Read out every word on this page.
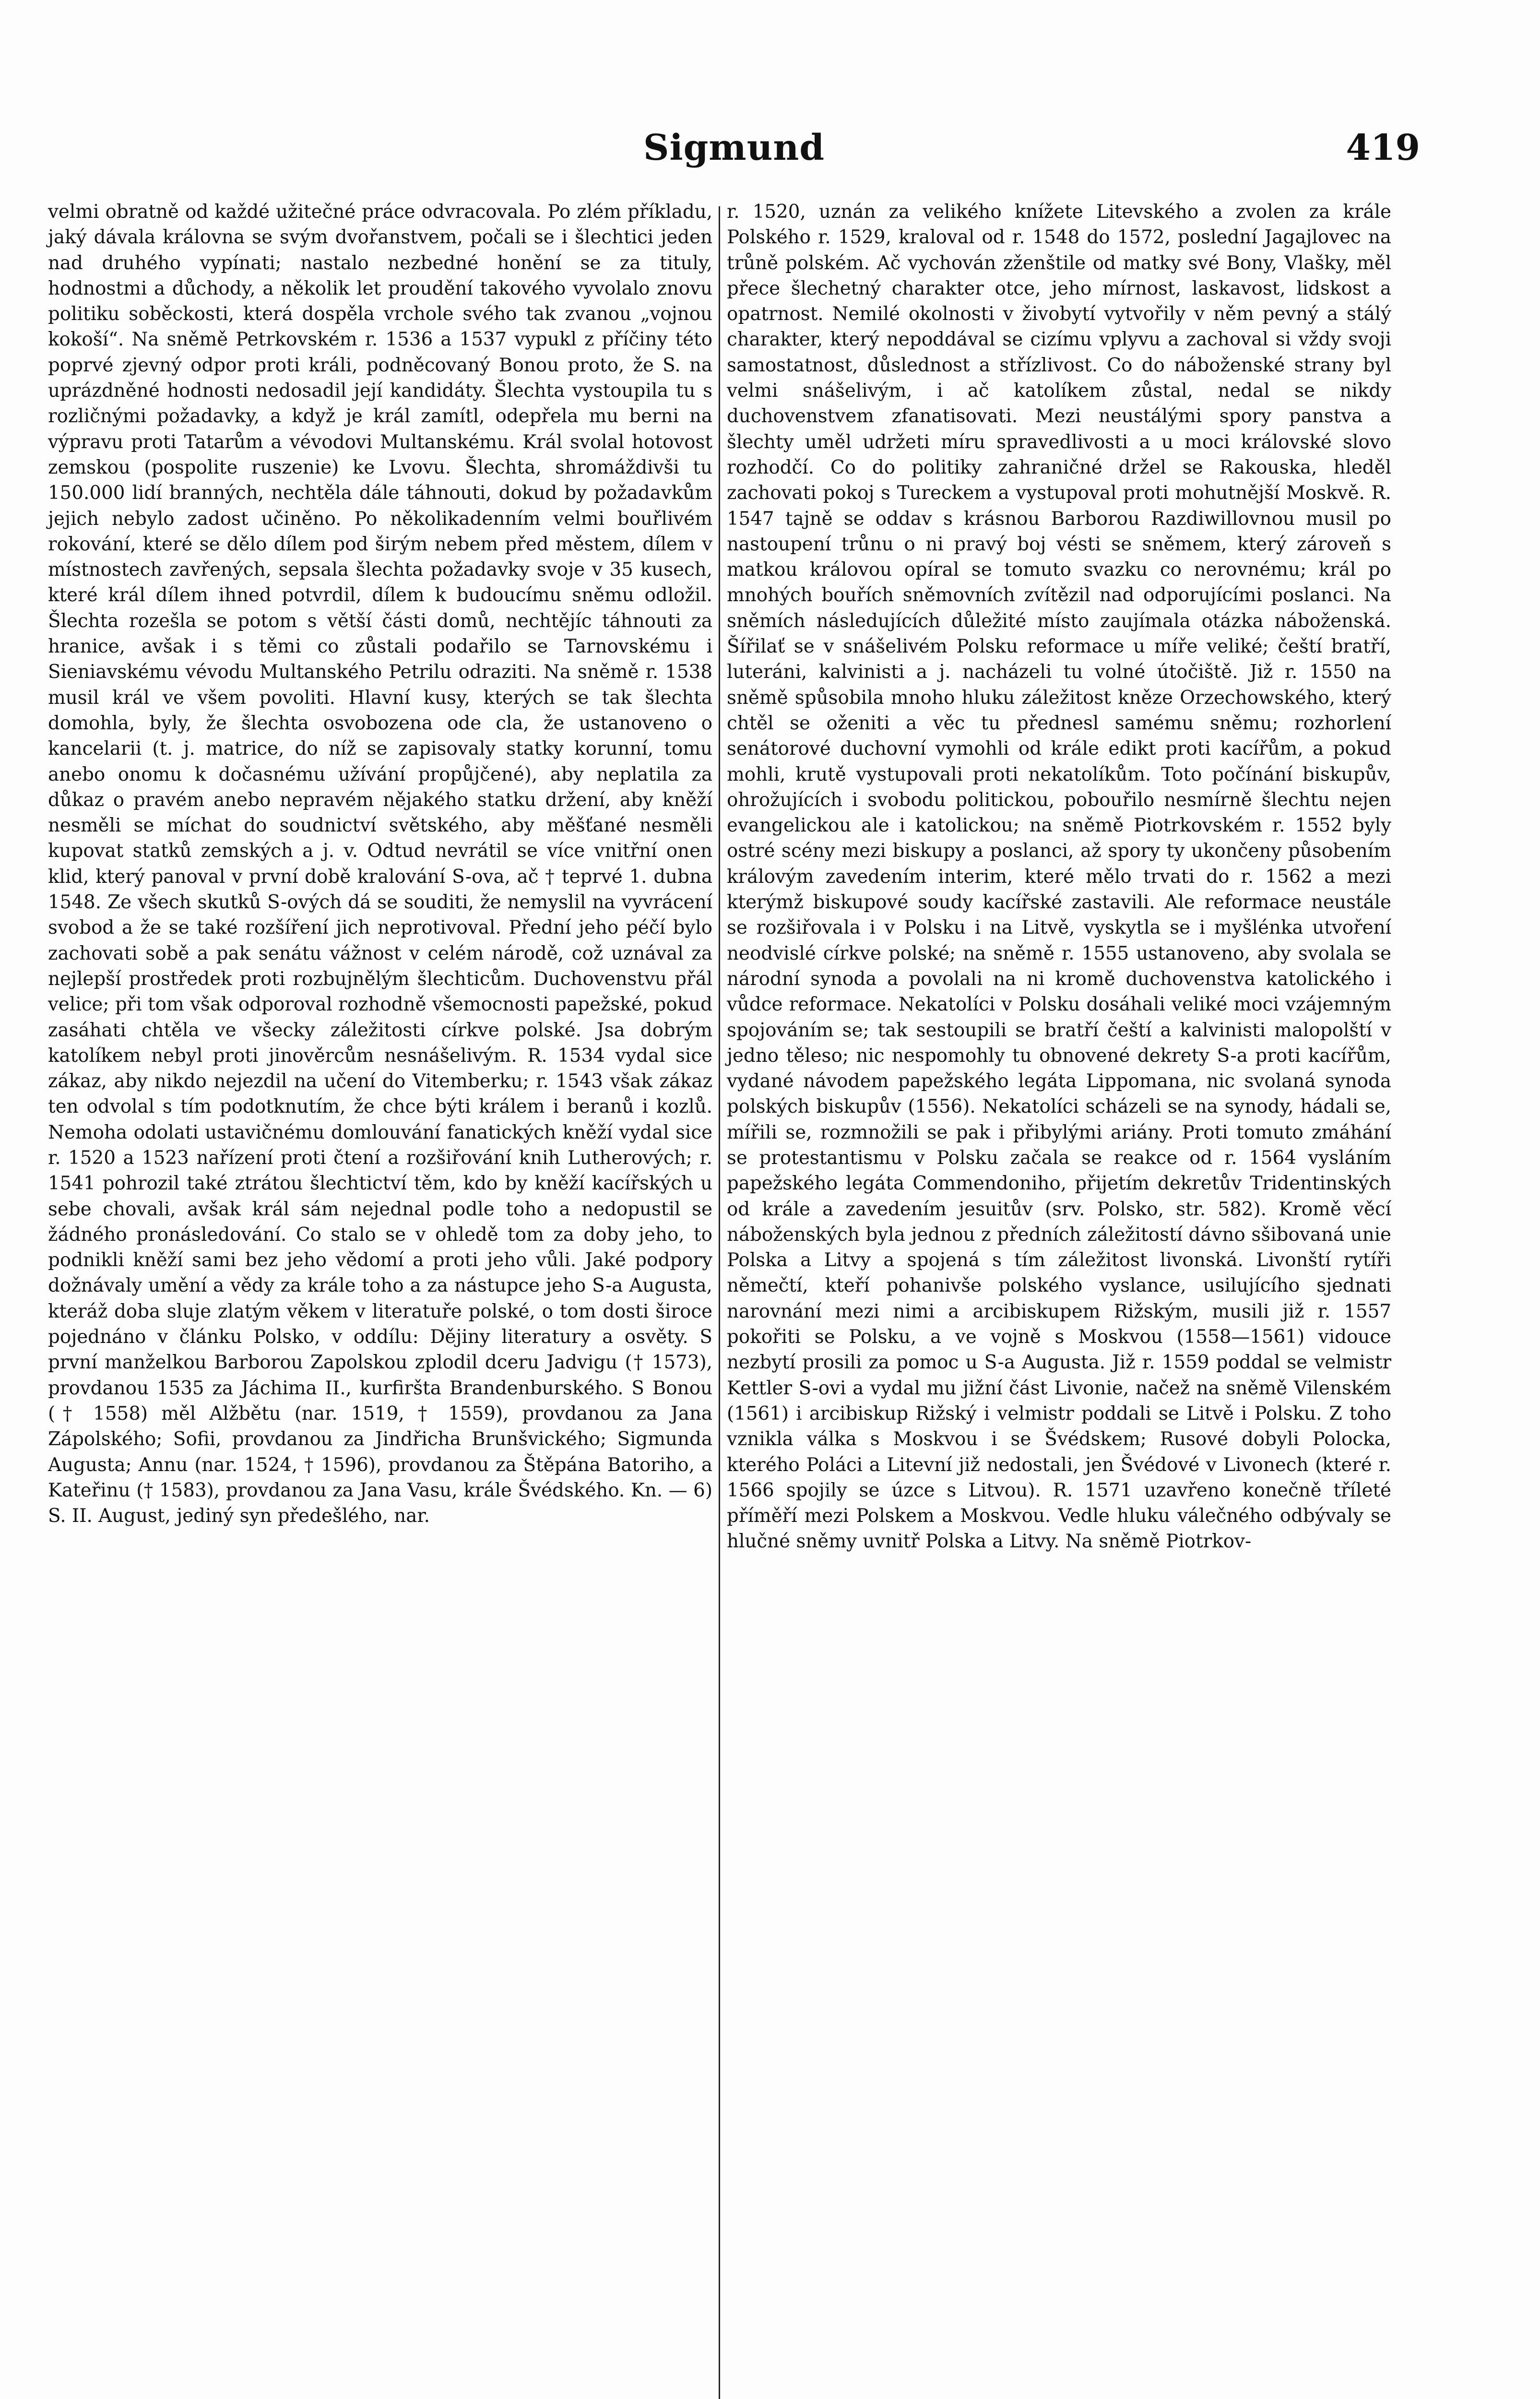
Sigmund	419

velmi obratně od každé užitečné práce odvracovala. Po zlém příkladu, jaký dávala královna se svým dvořanstvem, počali se i šlechtici jeden nad druhého vypínati; nastalo nezbedné honění se za tituly, hodnostmi a důchody, a několik let proudění takového vyvolalo znovu politiku soběckosti, která dospěla vrchole svého tak zvanou „vojnou kokoší“. Na sněmě Petrkovském r. 1536 a 1537 vypukl z příčiny této poprvé zjevný odpor proti králi, podněcovaný Bonou proto, že S. na uprázdněné hodnosti nedosadil její kandidáty. Šlechta vystoupila tu s rozličnými požadavky, a když je král zamítl, odepřela mu berni na výpravu proti Tatarům a vévodovi Multanskému. Král svolal hotovost zemskou (pospolite ruszenie) ke Lvovu. Šlechta, shromáždivši tu 150.000 lidí branných, nechtěla dále táhnouti, dokud by požadavkům jejich nebylo zadost učiněno. Po několikadenním velmi bouřlivém rokování, které se dělo dílem pod širým nebem před městem, dílem v místnostech zavřených, sepsala šlechta požadavky svoje v 35 kusech, které král dílem ihned potvrdil, dílem k budoucímu sněmu odložil. Šlechta rozešla se potom s větší části domů, nechtějíc táhnouti za hranice, avšak i s těmi co zůstali podařilo se Tarnovskému i Sieniavskému vévodu Multanského Petrilu odraziti. Na sněmě r. 1538 musil král ve všem povoliti. Hlavní kusy, kterých se tak šlechta domohla, byly, že šlechta osvobozena ode cla, že ustanoveno o kancelarii (t. j. matrice, do níž se zapisovaly statky korunní, tomu anebo onomu k dočasnému užívání propůjčené), aby neplatila za důkaz o pravém anebo nepravém nějakého statku držení, aby kněží nesměli se míchat do soudnictví světského, aby měšťané nesměli kupovat statků zemských a j. v. Odtud nevrátil se více vnitřní onen klid, který panoval v první době kralování S-ova, ač † teprvé 1. dubna 1548. Ze všech skutků S-ových dá se souditi, že nemyslil na vyvrácení svobod a že se také rozšíření jich neprotivoval. Přední jeho péčí bylo zachovati sobě a pak senátu vážnost v celém národě, což uznával za nejlepší prostředek proti rozbujnělým šlechticům. Duchovenstvu přál velice; při tom však odporoval rozhodně všemocnosti papežské, pokud zasáhati chtěla ve všecky záležitosti církve polské. Jsa dobrým katolíkem nebyl proti jinověrcům nesnášelivým. R. 1534 vydal sice zákaz, aby nikdo nejezdil na učení do Vitemberku; r. 1543 však zákaz ten odvolal s tím podotknutím, že chce býti králem i beranů i kozlů. Nemoha odolati ustavičnému domlouvání fanatických kněží vydal sice r. 1520 a 1523 nařízení proti čtení a rozšiřování knih Lutherových; r. 1541 pohrozil také ztrátou šlechtictví těm, kdo by kněží kacířských u sebe chovali, avšak král sám nejednal podle toho a nedopustil se žádného pronásledování. Co stalo se v ohledě tom za doby jeho, to podnikli kněží sami bez jeho vědomí a proti jeho vůli. Jaké podpory dožnávaly umění a vědy za krále toho a za nástupce jeho S-a Augusta, kteráž doba sluje zlatým věkem v literatuře polské, o tom dosti široce pojednáno v článku Polsko, v oddílu: Dějiny literatury a osvěty. S první manželkou Barborou Zapolskou zplodil dceru Jadvigu († 1573), provdanou 1535 za Jáchima II., kurfiršta Brandenburského. S Bonou († 1558) měl Alžbětu (nar. 1519, † 1559), provdanou za Jana Zápolského; Sofii, provdanou za Jindřicha Brunšvického; Sigmunda Augusta; Annu (nar. 1524, † 1596), provdanou za Štěpána Batoriho, a Kateřinu († 1583), provdanou za Jana Vasu, krále Švédského. Kn. — 6) S. II. August, jediný syn předešlého, nar.

r. 1520, uznán za velikého knížete Litevského a zvolen za krále Polského r. 1529, kraloval od r. 1548 do 1572, poslední Jagajlovec na trůně polském. Ač vychován zženštile od matky své Bony, Vlašky, měl přece šlechetný charakter otce, jeho mírnost, laskavost, lidskost a opatrnost. Nemilé okolnosti v živobytí vytvořily v něm pevný a stálý charakter, který nepoddával se cizímu vplyvu a zachoval si vždy svoji samostatnost, důslednost a střízlivost. Co do náboženské strany byl velmi snášelivým, i ač katolíkem zůstal, nedal se nikdy duchovenstvem zfanatisovati. Mezi neustálými spory panstva a šlechty uměl udržeti míru spravedlivosti a u moci královské slovo rozhodčí. Co do politiky zahraničné držel se Rakouska, hleděl zachovati pokoj s Tureckem a vystupoval proti mohutnější Moskvě. R. 1547 tajně se oddav s krásnou Barborou Razdiwillovnou musil po nastoupení trůnu o ni pravý boj vésti se sněmem, který zároveň s matkou královou opíral se tomuto svazku co nerovnému; král po mnohých bouřích sněmovních zvítězil nad odporujícími poslanci. Na sněmích následujících důležité místo zaujímala otázka náboženská. Šířilať se v snášelivém Polsku reformace u míře veliké; čeští bratří, luteráni, kalvinisti a j. nacházeli tu volné útočiště. Již r. 1550 na sněmě spůsobila mnoho hluku záležitost kněze Orzechowského, který chtěl se oženiti a věc tu přednesl samému sněmu; rozhorlení senátorové duchovní vymohli od krále edikt proti kacířům, a pokud mohli, krutě vystupovali proti nekatolíkům. Toto počínání biskupův, ohrožujících i svobodu politickou, pobouřilo nesmírně šlechtu nejen evangelickou ale i katolickou; na sněmě Piotrkovském r. 1552 byly ostré scény mezi biskupy a poslanci, až spory ty ukončeny působením královým zavedením interim, které mělo trvati do r. 1562 a mezi kterýmž biskupové soudy kacířské zastavili. Ale reformace neustále se rozšiřovala i v Polsku i na Litvě, vyskytla se i myšlénka utvoření neodvislé církve polské; na sněmě r. 1555 ustanoveno, aby svolala se národní synoda a povolali na ni kromě duchovenstva katolického i vůdce reformace. Nekatolíci v Polsku dosáhali veliké moci vzájemným spojováním se; tak sestoupili se bratří čeští a kalvinisti malopolští v jedno těleso; nic nespomohly tu obnovené dekrety S-a proti kacířům, vydané návodem papežského legáta Lippomana, nic svolaná synoda polských biskupův (1556). Nekatolíci scházeli se na synody, hádali se, mířili se, rozmnožili se pak i přibylými ariány. Proti tomuto zmáhání se protestantismu v Polsku začala se reakce od r. 1564 vysláním papežského legáta Commendoniho, přijetím dekretův Tridentinských od krále a zavedením jesuitův (srv. Polsko, str. 582). Kromě věcí náboženských byla jednou z předních záležitostí dávno sšibovaná unie Polska a Litvy a spojená s tím záležitost livonská. Livonští rytíři němečtí, kteří pohanivše polského vyslance, usilujícího sjednati narovnání mezi nimi a arcibiskupem Rižským, musili již r. 1557 pokořiti se Polsku, a ve vojně s Moskvou (1558—1561) vidouce nezbytí prosili za pomoc u S-a Augusta. Již r. 1559 poddal se velmistr Kettler S-ovi a vydal mu jižní část Livonie, načež na sněmě Vilenském (1561) i arcibiskup Rižský i velmistr poddali se Litvě i Polsku. Z toho vznikla válka s Moskvou i se Švédskem; Rusové dobyli Polocka, kterého Poláci a Litevní již nedostali, jen Švédové v Livonech (které r. 1566 spojily se úzce s Litvou). R. 1571 uzavřeno konečně tříleté příměří mezi Polskem a Moskvou. Vedle hluku válečného odbývaly se hlučné sněmy uvnitř Polska a Litvy. Na sněmě Piotrkov-
